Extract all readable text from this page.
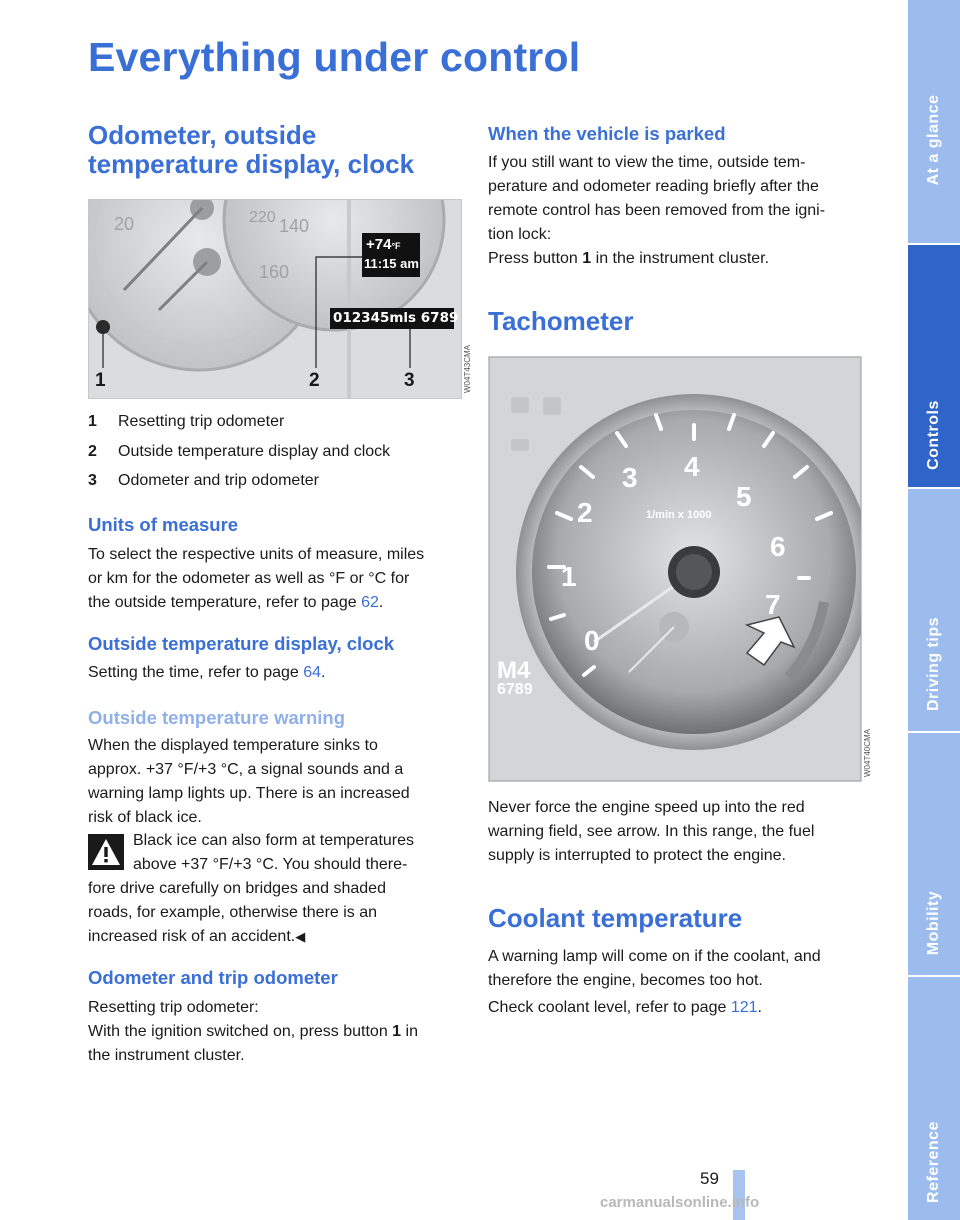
Everything under control
Odometer, outside
temperature display, clock
20	220 140
160
+74°F
11:15 am
012345mls 6789
1	2	3	W04T43CMA
1 Resetting trip odometer
2 Outside temperature display and clock
3 Odometer and trip odometer
Units of measure
To select the respective units of measure, miles
or km for the odometer as well as °F or °C for
the outside temperature, refer to page 62.
Outside temperature display, clock
Setting the time, refer to page 64.
Outside temperature warning
When the displayed temperature sinks to
approx. +37 °F/+3 °C, a signal sounds and a
warning lamp lights up. There is an increased
risk of black ice.
Black ice can also form at temperatures
above +37 °F/+3 °C. You should there-
fore drive carefully on bridges and shaded
roads, for example, otherwise there is an
increased risk of an accident.◀
Odometer and trip odometer
Resetting trip odometer:
With the ignition switched on, press button 1 in
the instrument cluster.
When the vehicle is parked
If you still want to view the time, outside tem-
perature and odometer reading briefly after the
remote control has been removed from the igni-
tion lock:
Press button 1 in the instrument cluster.
Tachometer
1/min x 1000
0
1
2
3 4
5
6
7
M4
6789
W04T40CMA
Never force the engine speed up into the red
warning field, see arrow. In this range, the fuel
supply is interrupted to protect the engine.
Coolant temperature
A warning lamp will come on if the coolant, and
therefore the engine, becomes too hot.
Check coolant level, refer to page 121.
At a glance
Controls
Driving tips
Mobility
Reference
59
carmanualsonline.info
